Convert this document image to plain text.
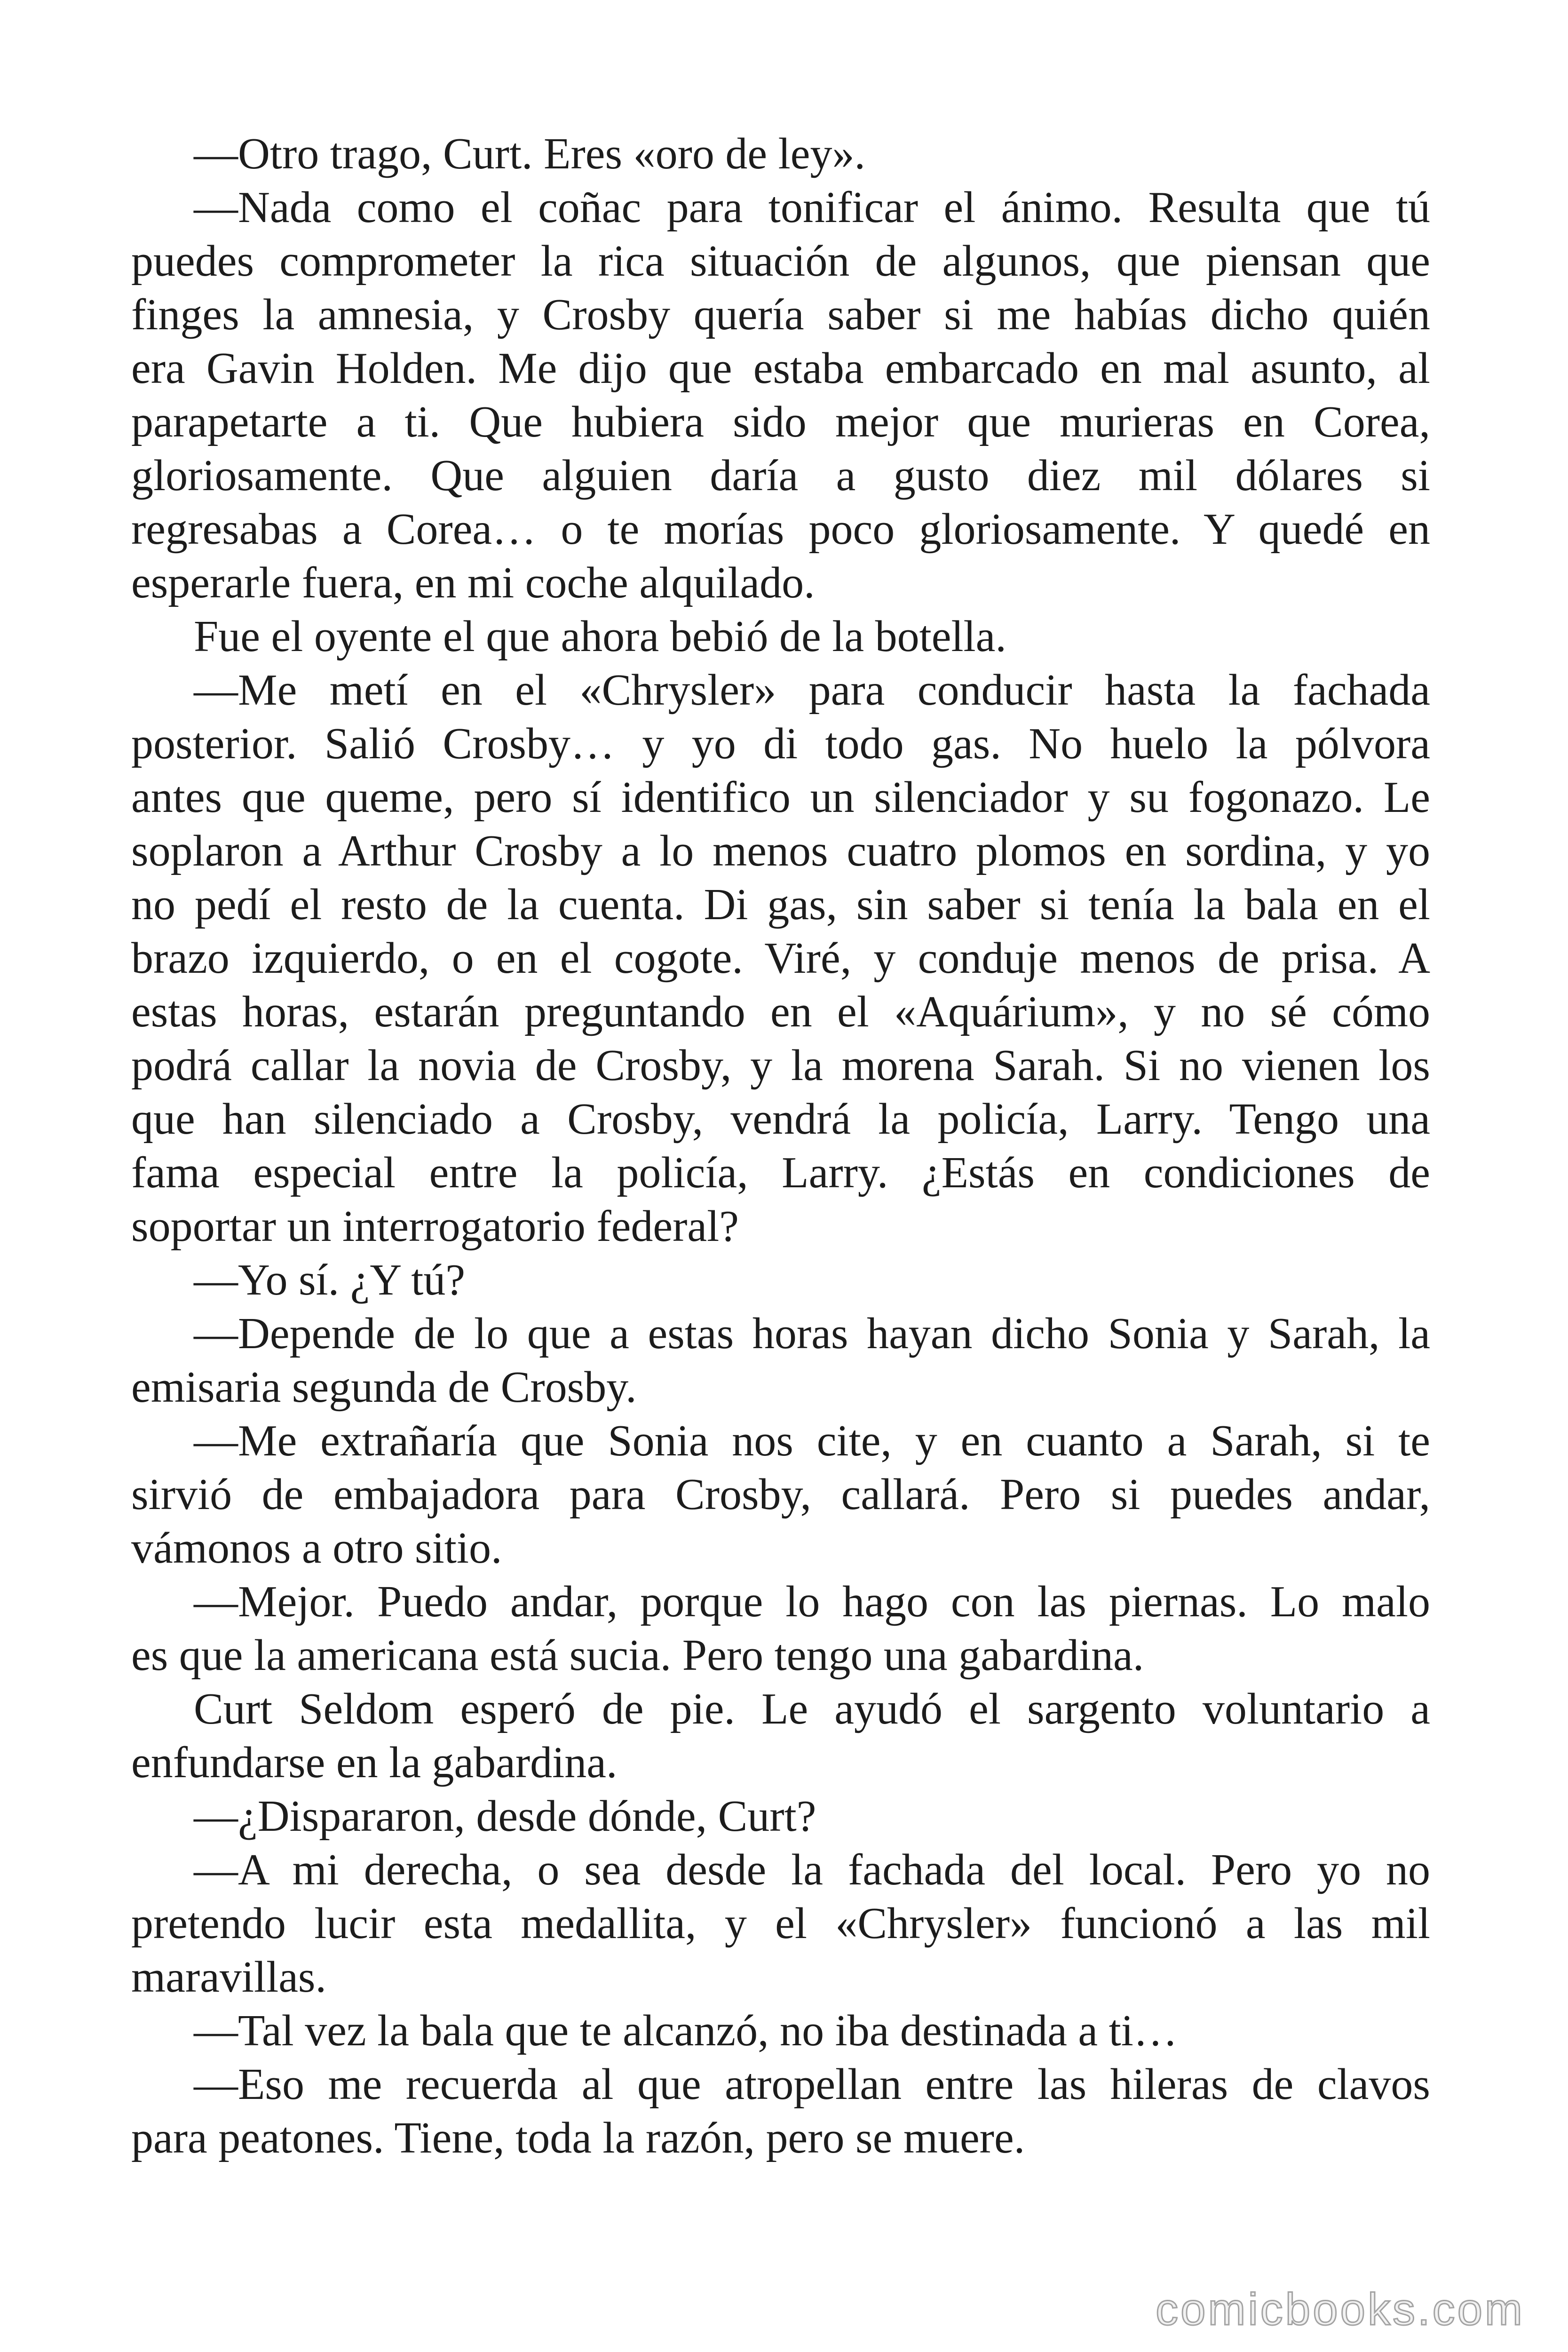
—Otro trago, Curt. Eres «oro de ley».
—Nada como el coñac para tonificar el ánimo. Resulta que tú
puedes comprometer la rica situación de algunos, que piensan que
finges la amnesia, y Crosby quería saber si me habías dicho quién
era Gavin Holden. Me dijo que estaba embarcado en mal asunto, al
parapetarte a ti. Que hubiera sido mejor que murieras en Corea,
gloriosamente. Que alguien daría a gusto diez mil dólares si
regresabas a Corea… o te morías poco gloriosamente. Y quedé en
esperarle fuera, en mi coche alquilado.
Fue el oyente el que ahora bebió de la botella.
—Me metí en el «Chrysler» para conducir hasta la fachada
posterior. Salió Crosby… y yo di todo gas. No huelo la pólvora
antes que queme, pero sí identifico un silenciador y su fogonazo. Le
soplaron a Arthur Crosby a lo menos cuatro plomos en sordina, y yo
no pedí el resto de la cuenta. Di gas, sin saber si tenía la bala en el
brazo izquierdo, o en el cogote. Viré, y conduje menos de prisa. A
estas horas, estarán preguntando en el «Aquárium», y no sé cómo
podrá callar la novia de Crosby, y la morena Sarah. Si no vienen los
que han silenciado a Crosby, vendrá la policía, Larry. Tengo una
fama especial entre la policía, Larry. ¿Estás en condiciones de
soportar un interrogatorio federal?
—Yo sí. ¿Y tú?
—Depende de lo que a estas horas hayan dicho Sonia y Sarah, la
emisaria segunda de Crosby.
—Me extrañaría que Sonia nos cite, y en cuanto a Sarah, si te
sirvió de embajadora para Crosby, callará. Pero si puedes andar,
vámonos a otro sitio.
—Mejor. Puedo andar, porque lo hago con las piernas. Lo malo
es que la americana está sucia. Pero tengo una gabardina.
Curt Seldom esperó de pie. Le ayudó el sargento voluntario a
enfundarse en la gabardina.
—¿Dispararon, desde dónde, Curt?
—A mi derecha, o sea desde la fachada del local. Pero yo no
pretendo lucir esta medallita, y el «Chrysler» funcionó a las mil
maravillas.
—Tal vez la bala que te alcanzó, no iba destinada a ti…
—Eso me recuerda al que atropellan entre las hileras de clavos
para peatones. Tiene, toda la razón, pero se muere.
comicbooks.com
